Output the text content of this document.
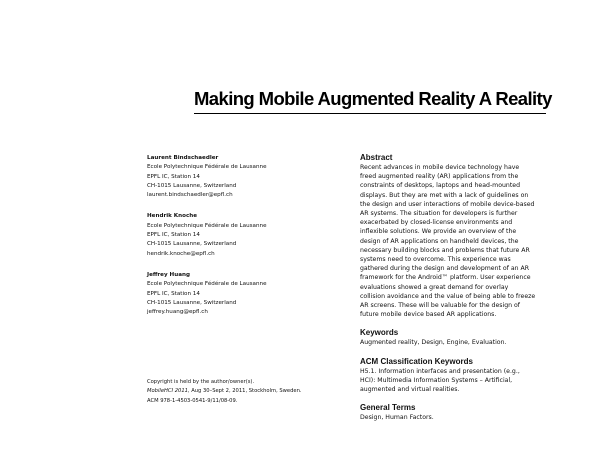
Making Mobile Augmented Reality A Reality
Laurent Bindschaedler
Ecole Polytechnique Fédérale de Lausanne
EPFL IC, Station 14
CH-1015 Lausanne, Switzerland
laurent.bindschaedler@epfl.ch
Hendrik Knoche
Ecole Polytechnique Fédérale de Lausanne
EPFL IC, Station 14
CH-1015 Lausanne, Switzerland
hendrik.knoche@epfl.ch
Jeffrey Huang
Ecole Polytechnique Fédérale de Lausanne
EPFL IC, Station 14
CH-1015 Lausanne, Switzerland
jeffrey.huang@epfl.ch
Abstract
Recent advances in mobile device technology have
freed augmented reality (AR) applications from the
constraints of desktops, laptops and head-mounted
displays. But they are met with a lack of guidelines on
the design and user interactions of mobile device-based
AR systems. The situation for developers is further
exacerbated by closed-license environments and
inflexible solutions. We provide an overview of the
design of AR applications on handheld devices, the
necessary building blocks and problems that future AR
systems need to overcome. This experience was
gathered during the design and development of an AR
framework for the Android™ platform. User experience
evaluations showed a great demand for overlay
collision avoidance and the value of being able to freeze
AR screens. These will be valuable for the design of
future mobile device based AR applications.
Keywords
Augmented reality, Design, Engine, Evaluation.
ACM Classification Keywords
H5.1. Information interfaces and presentation (e.g.,
HCI): Multimedia Information Systems – Artificial,
augmented and virtual realities.
General Terms
Design, Human Factors.
Copyright is held by the author/owner(s).
MobileHCI 2011, Aug 30–Sept 2, 2011, Stockholm, Sweden.
ACM 978-1-4503-0541-9/11/08-09.
